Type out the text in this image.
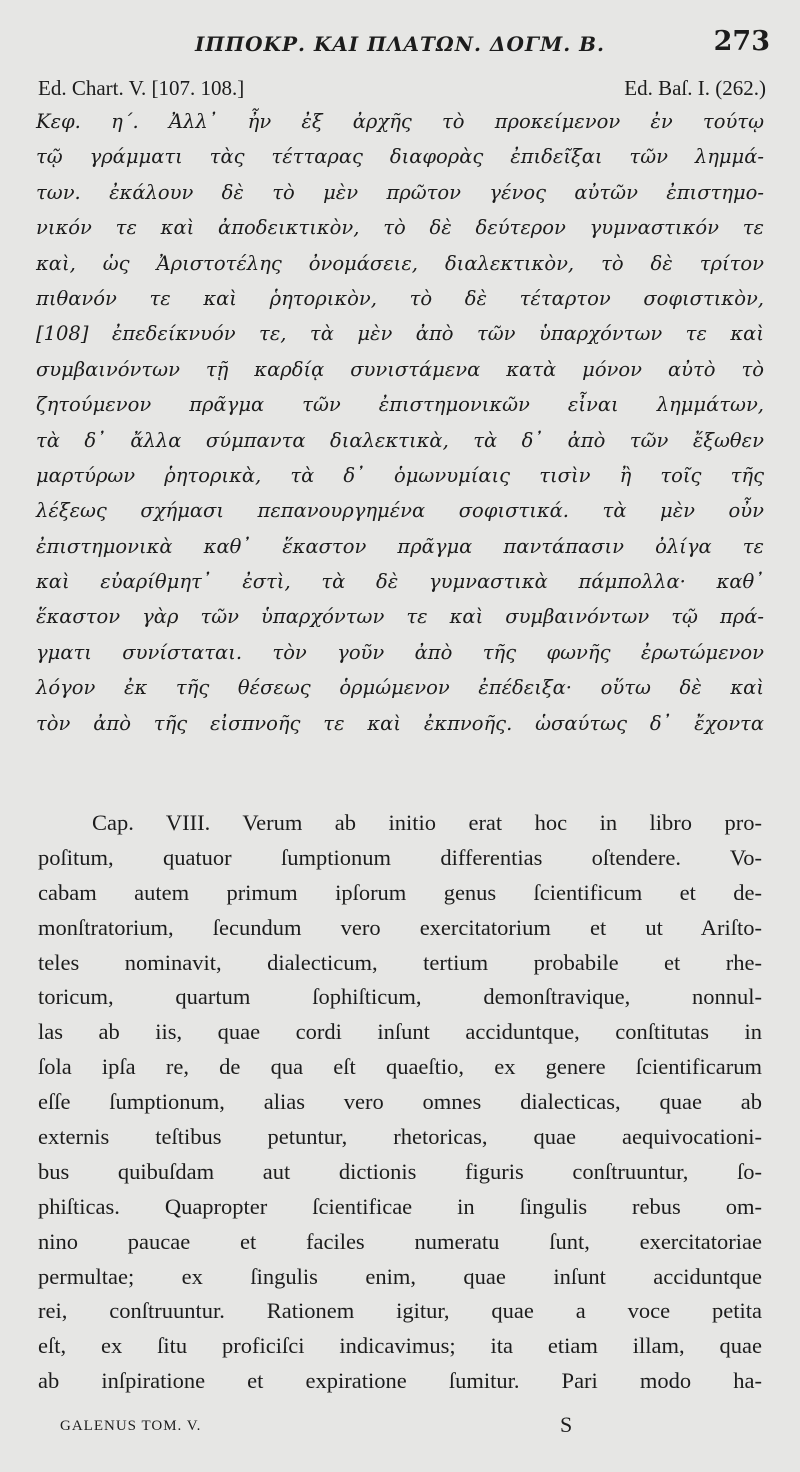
ΙΠΠΟΚΡ. ΚΑΙ ΠΛΑΤΩΝ. ΔΟΓΜ. Β.	273
Ed. Chart. V. [107. 108.]	Ed. Baſ. I. (262.)
Κεφ. η΄. Ἀλλ᾽ ἦν ἐξ ἀρχῆς τὸ προκείμενον ἐν τούτῳ
τῷ γράμματι τὰς τέτταρας διαφορὰς ἐπιδεῖξαι τῶν λημμά-
των. ἐκάλουν δὲ τὸ μὲν πρῶτον γένος αὐτῶν ἐπιστημο-
νικόν τε καὶ ἀποδεικτικὸν, τὸ δὲ δεύτερον γυμναστικόν τε
καὶ, ὡς Ἀριστοτέλης ὀνομάσειε, διαλεκτικὸν, τὸ δὲ τρίτον
πιθανόν τε καὶ ῥητορικὸν, τὸ δὲ τέταρτον σοφιστικὸν,
[108] ἐπεδείκνυόν τε, τὰ μὲν ἀπὸ τῶν ὑπαρχόντων τε καὶ
συμβαινόντων τῇ καρδίᾳ συνιστάμενα κατὰ μόνον αὐτὸ τὸ
ζητούμενον πρᾶγμα τῶν ἐπιστημονικῶν εἶναι λημμάτων,
τὰ δ᾽ ἄλλα σύμπαντα διαλεκτικὰ, τὰ δ᾽ ἀπὸ τῶν ἔξωθεν
μαρτύρων ῥητορικὰ, τὰ δ᾽ ὁμωνυμίαις τισὶν ἢ τοῖς τῆς
λέξεως σχήμασι πεπανουργημένα σοφιστικά. τὰ μὲν οὖν
ἐπιστημονικὰ καθ᾽ ἕκαστον πρᾶγμα παντάπασιν ὀλίγα τε
καὶ εὐαρίθμητ᾽ ἐστὶ, τὰ δὲ γυμναστικὰ πάμπολλα· καθ᾽
ἕκαστον γὰρ τῶν ὑπαρχόντων τε καὶ συμβαινόντων τῷ πρά-
γματι συνίσταται. τὸν γοῦν ἀπὸ τῆς φωνῆς ἐρωτώμενον
λόγον ἐκ τῆς θέσεως ὁρμώμενον ἐπέδειξα· οὕτω δὲ καὶ
τὸν ἀπὸ τῆς εἰσπνοῆς τε καὶ ἐκπνοῆς. ὡσαύτως δ᾽ ἔχοντα
Cap. VIII. Verum ab initio erat hoc in libro pro-
poſitum, quatuor ſumptionum differentias oſtendere. Vo-
cabam autem primum ipſorum genus ſcientificum et de-
monſtratorium, ſecundum vero exercitatorium et ut Ariſto-
teles nominavit, dialecticum, tertium probabile et rhe-
toricum, quartum ſophiſticum, demonſtravique, nonnul-
las ab iis, quae cordi inſunt acciduntque, conſtitutas in
ſola ipſa re, de qua eſt quaeſtio, ex genere ſcientificarum
eſſe ſumptionum, alias vero omnes dialecticas, quae ab
externis teſtibus petuntur, rhetoricas, quae aequivocationi-
bus quibuſdam aut dictionis figuris conſtruuntur, ſo-
phiſticas. Quapropter ſcientificae in ſingulis rebus om-
nino paucae et faciles numeratu ſunt, exercitatoriae
permultae; ex ſingulis enim, quae inſunt acciduntque
rei, conſtruuntur. Rationem igitur, quae a voce petita
eſt, ex ſitu proficiſci indicavimus; ita etiam illam, quae
ab inſpiratione et expiratione ſumitur. Pari modo ha-
GALENUS TOM. V.	S
